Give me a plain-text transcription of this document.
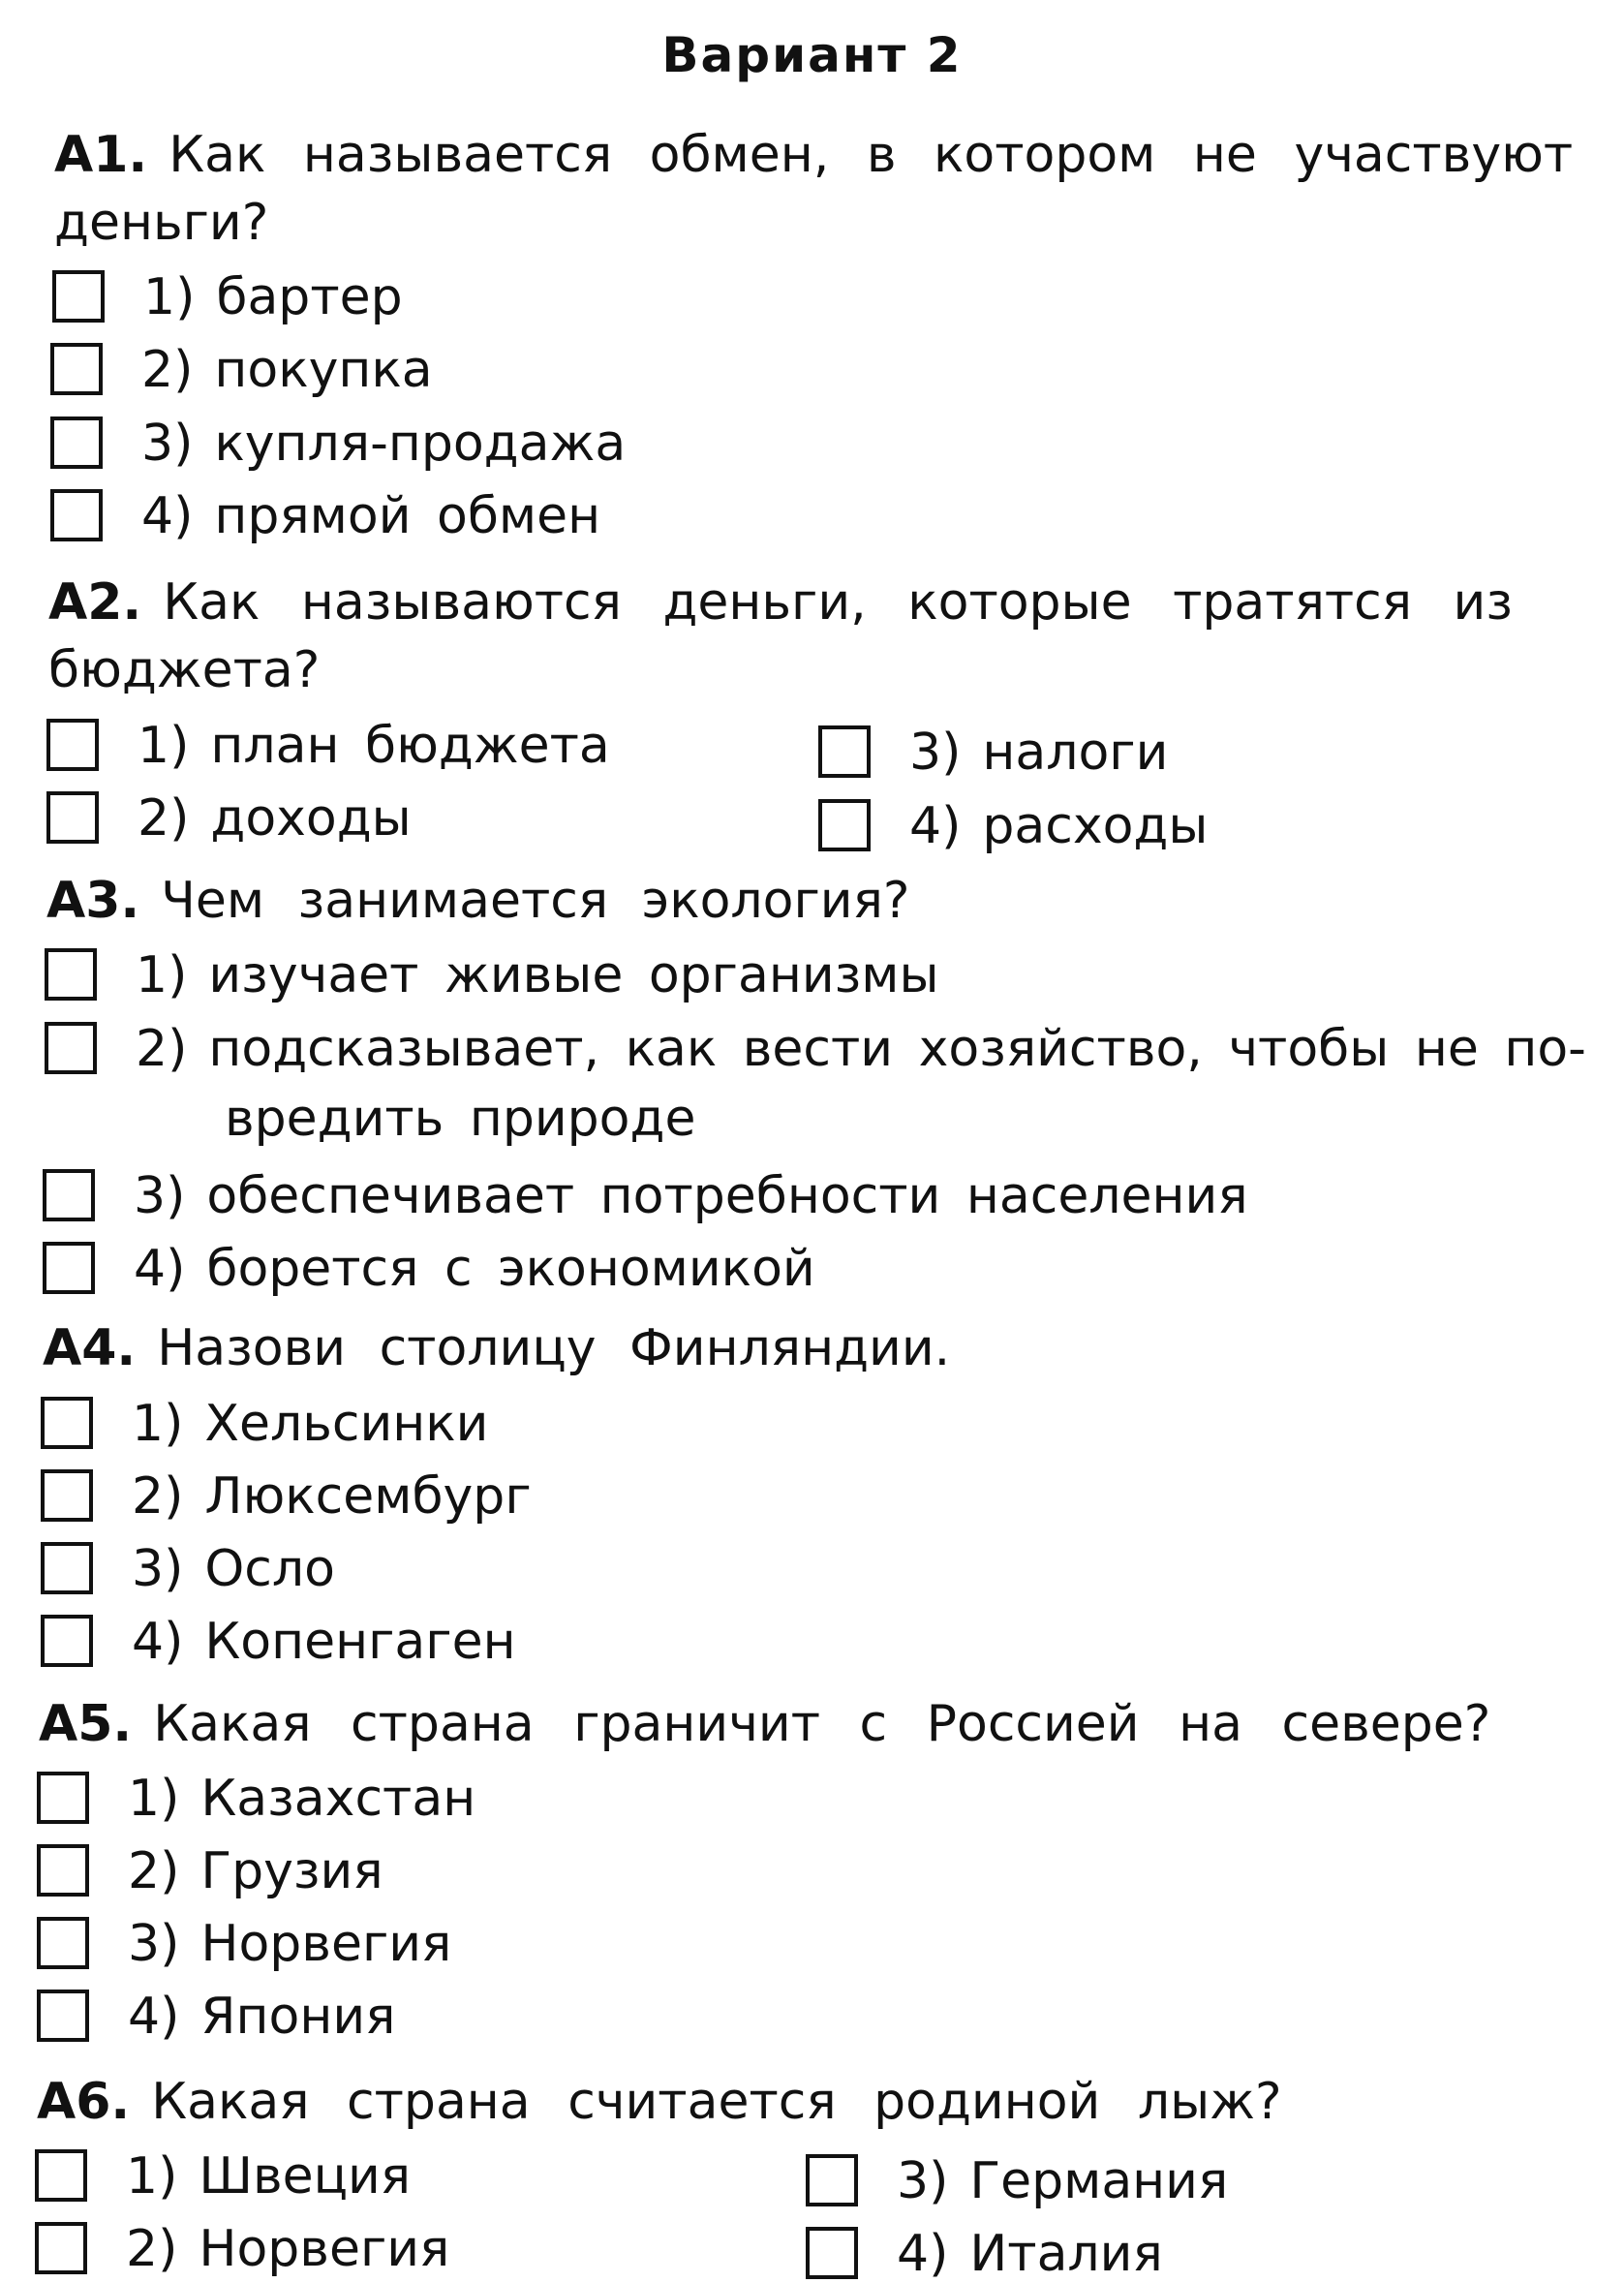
Вариант 2
А1. Как называется обмен, в котором не участвуют
деньги?
1) бартер
2) покупка
3) купля-продажа
4) прямой обмен
А2. Как называются деньги, которые тратятся из
бюджета?
1) план бюджета
2) доходы
3) налоги
4) расходы
А3. Чем занимается экология?
1) изучает живые организмы
2) подсказывает, как вести хозяйство, чтобы не по-
вредить природе
3) обеспечивает потребности населения
4) борется с экономикой
А4. Назови столицу Финляндии.
1) Хельсинки
2) Люксембург
3) Осло
4) Копенгаген
А5. Какая страна граничит с Россией на севере?
1) Казахстан
2) Грузия
3) Норвегия
4) Япония
А6. Какая страна считается родиной лыж?
1) Швеция
2) Норвегия
3) Германия
4) Италия
